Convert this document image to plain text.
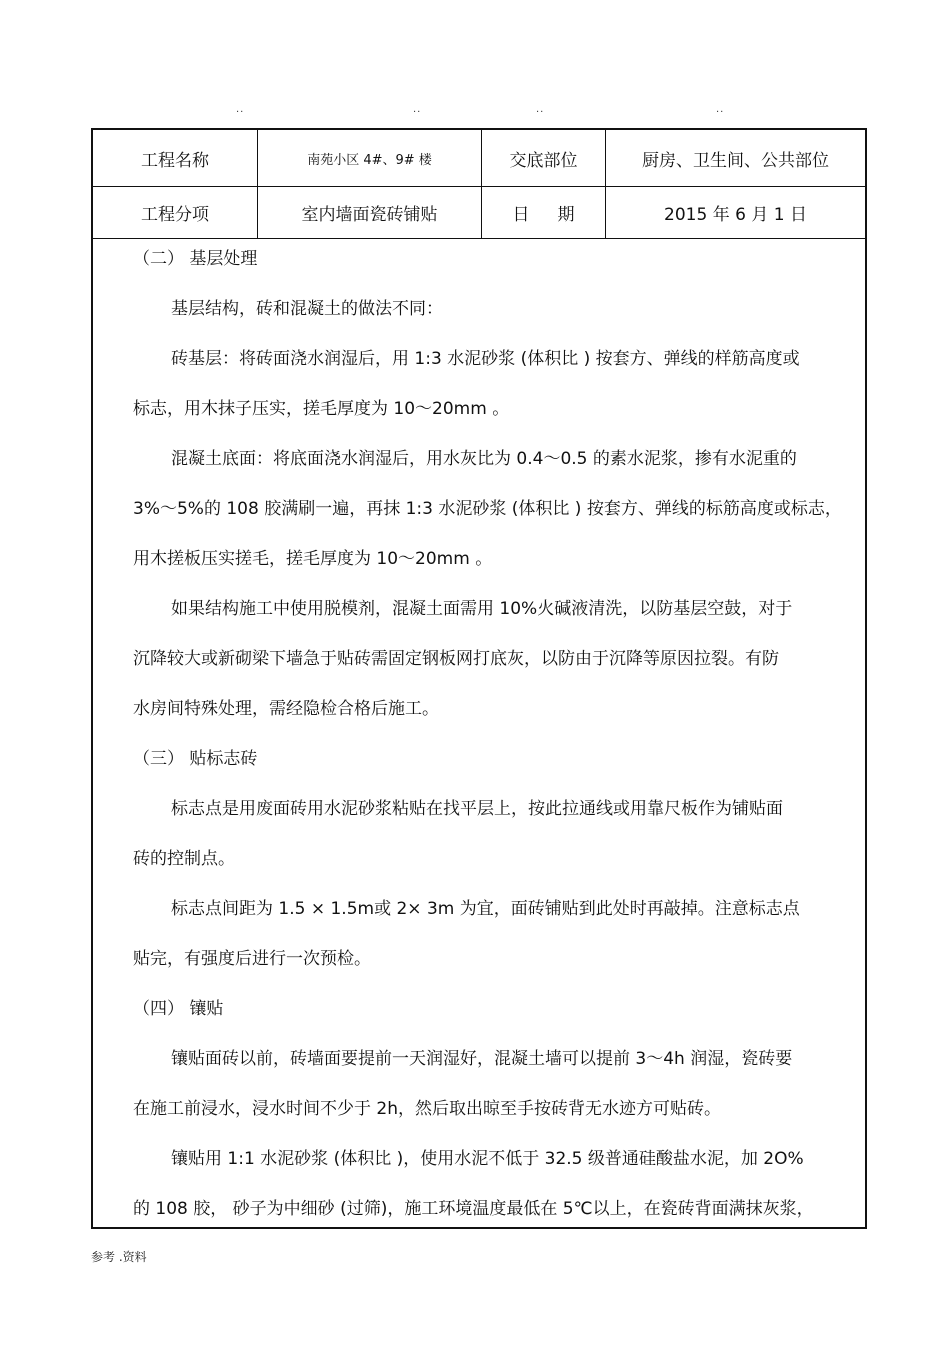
..	..	..	..
工程名称	南苑小区 4#、9# 楼	交底部位	厨房、卫生间、公共部位
工程分项	室内墙面瓷砖铺贴	日期	2015 年 6 月 1 日
（二） 基层处理
基层结构，砖和混凝土的做法不同：
砖基层：将砖面浇水润湿后，用 1:3 水泥砂浆 (体积比 ) 按套方、弹线的样筋高度或
标志，用木抹子压实，搓毛厚度为 10～20mm 。
混凝土底面：将底面浇水润湿后，用水灰比为 0.4～0.5 的素水泥浆，掺有水泥重的
3%～5%的 108 胶满刷一遍，再抹 1:3 水泥砂浆 (体积比 ) 按套方、弹线的标筋高度或标志，
用木搓板压实搓毛，搓毛厚度为 10～20mm 。
如果结构施工中使用脱模剂，混凝土面需用 10%火碱液清洗，以防基层空鼓，对于
沉降较大或新砌梁下墙急于贴砖需固定钢板网打底灰，以防由于沉降等原因拉裂。有防
水房间特殊处理，需经隐检合格后施工。
（三） 贴标志砖
标志点是用废面砖用水泥砂浆粘贴在找平层上，按此拉通线或用靠尺板作为铺贴面
砖的控制点。
标志点间距为 1.5 × 1.5m或 2× 3m 为宜，面砖铺贴到此处时再敲掉。注意标志点
贴完，有强度后进行一次预检。
（四） 镶贴
镶贴面砖以前，砖墙面要提前一天润湿好，混凝土墙可以提前 3～4h 润湿，瓷砖要
在施工前浸水，浸水时间不少于 2h，然后取出晾至手按砖背无水迹方可贴砖。
镶贴用 1:1 水泥砂浆 (体积比 )，使用水泥不低于 32.5 级普通硅酸盐水泥，加 2O%
的 108 胶， 砂子为中细砂 (过筛)，施工环境温度最低在 5℃以上，在瓷砖背面满抹灰浆，
参考 .资料
